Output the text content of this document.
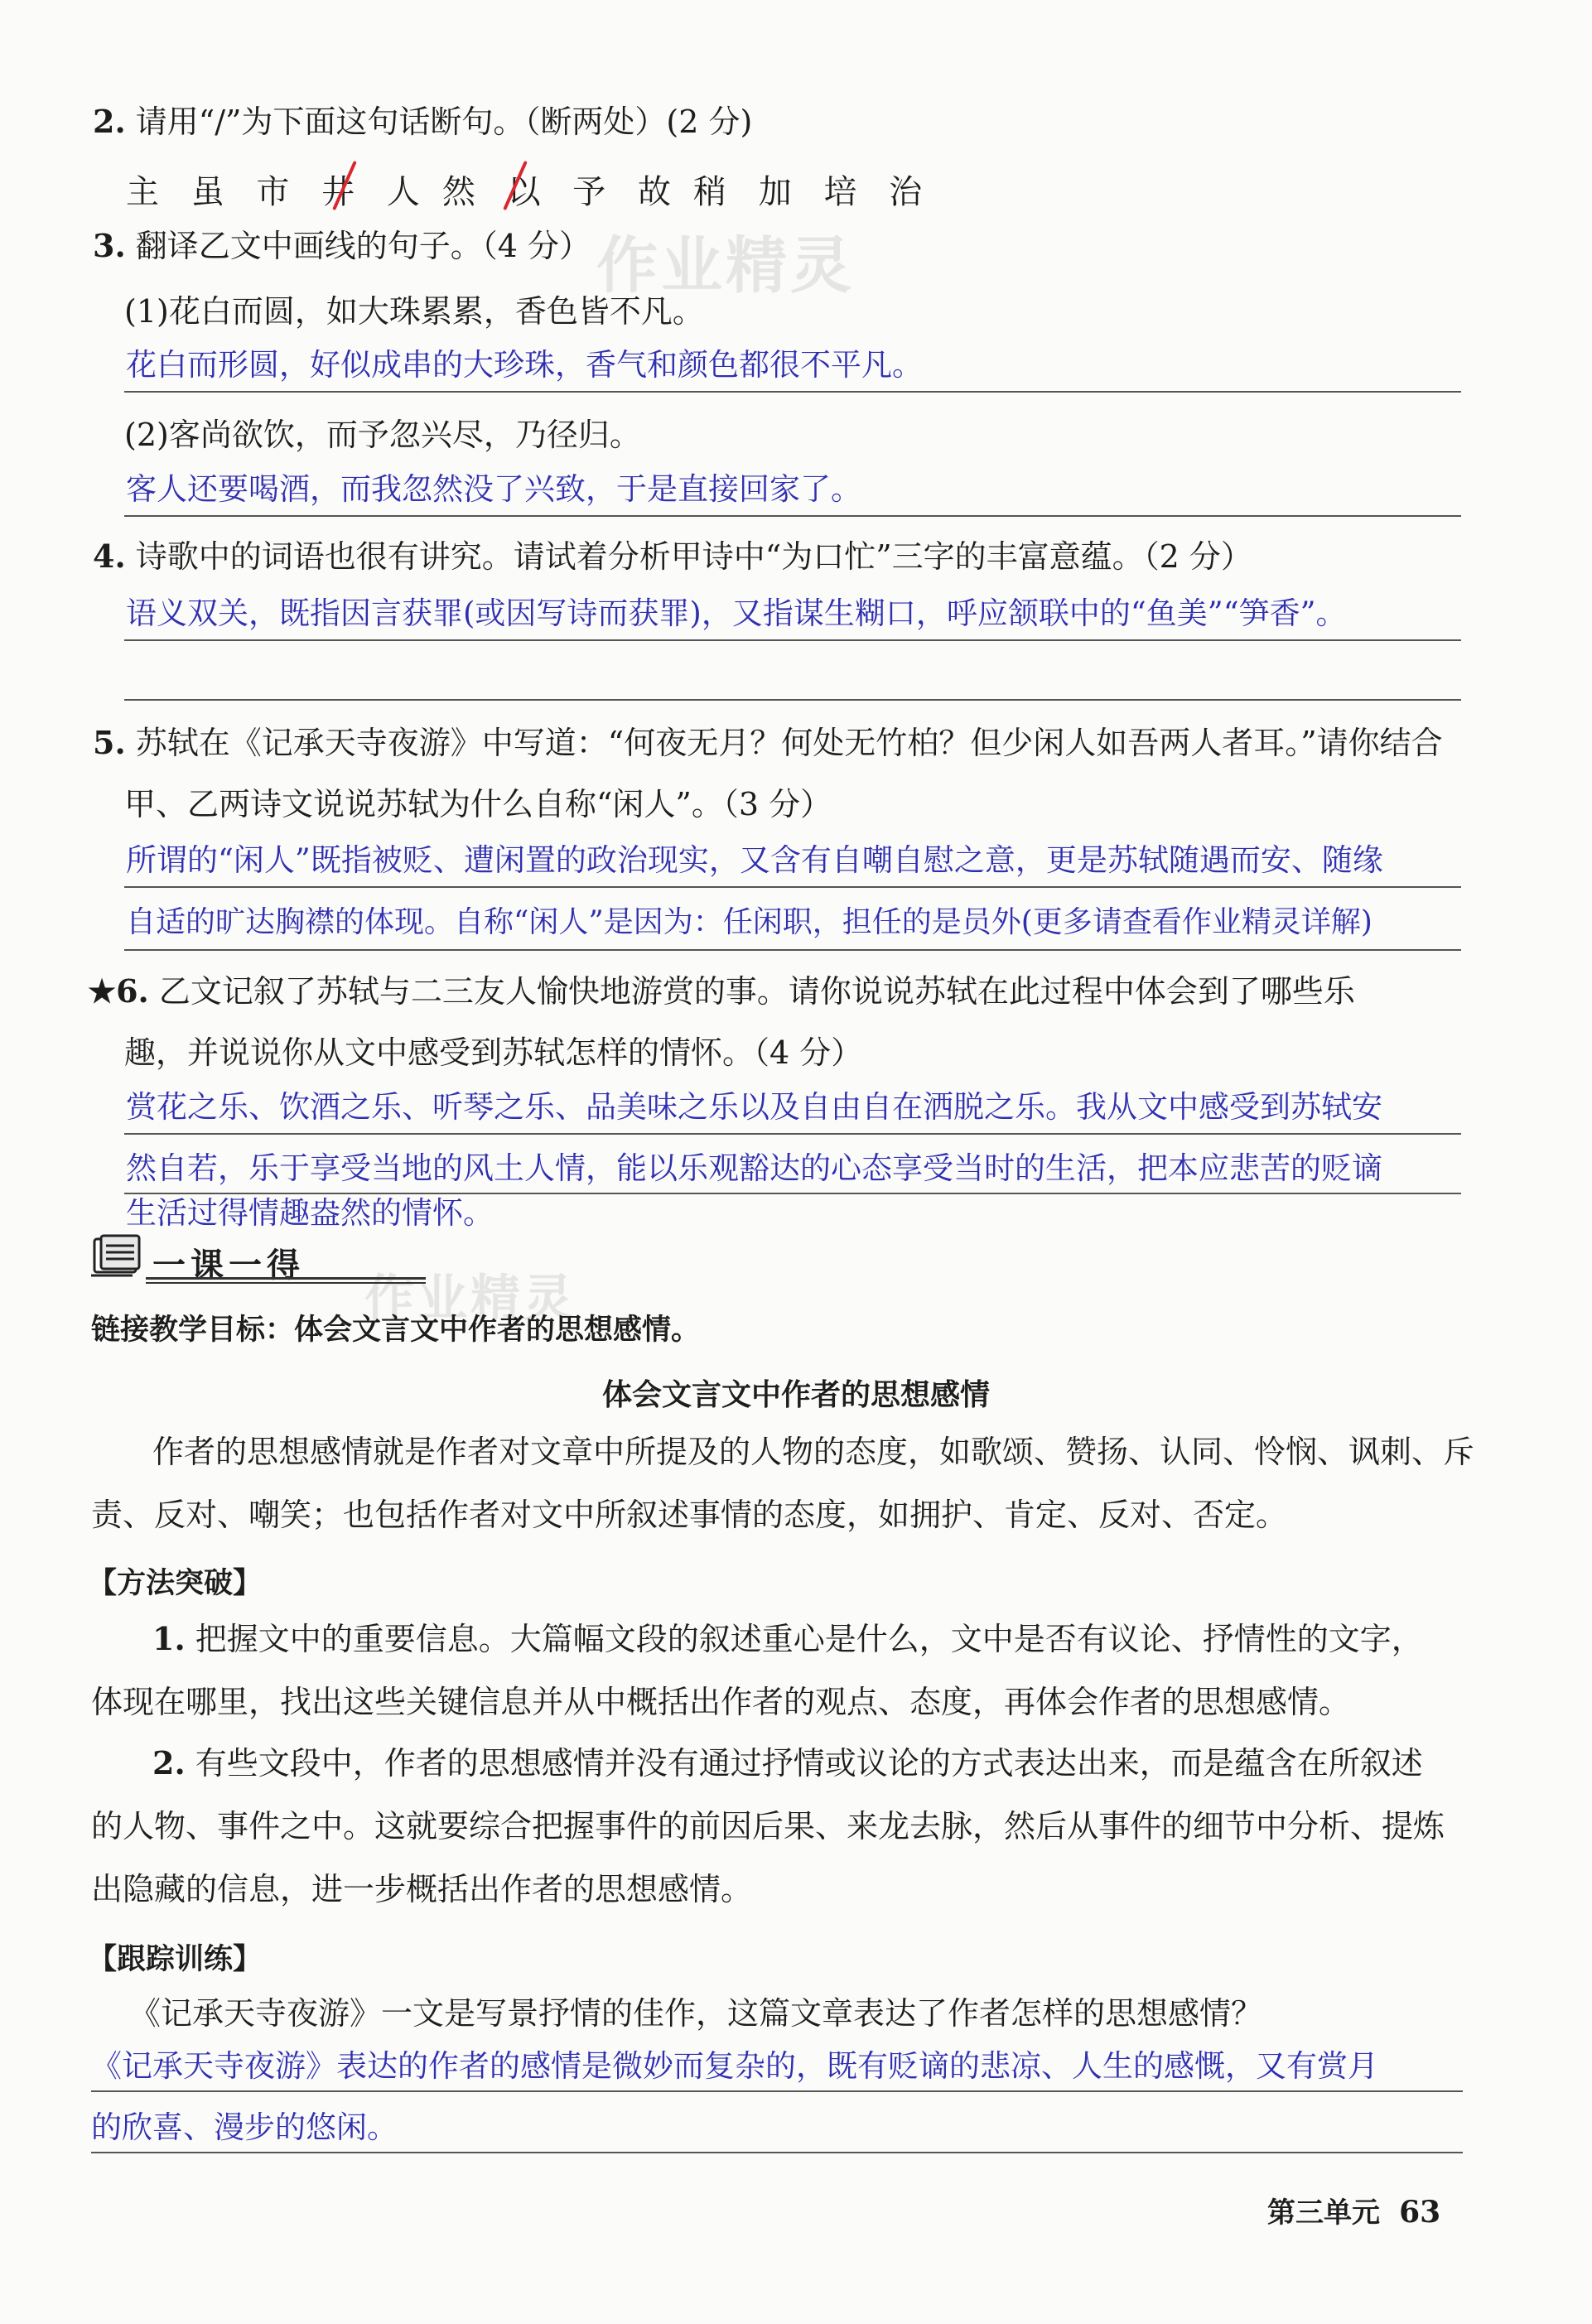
作业精灵
作业精灵
2. 请用“/”为下面这句话断句。（断两处）(2 分)
主 虽 市 井 人 然 以 予 故 稍 加 培 治
3. 翻译乙文中画线的句子。（4 分）
(1)花白而圆，如大珠累累，香色皆不凡。
花白而形圆，好似成串的大珍珠，香气和颜色都很不平凡。
(2)客尚欲饮，而予忽兴尽，乃径归。
客人还要喝酒，而我忽然没了兴致，于是直接回家了。
4. 诗歌中的词语也很有讲究。请试着分析甲诗中“为口忙”三字的丰富意蕴。（2 分）
语义双关，既指因言获罪(或因写诗而获罪)，又指谋生糊口，呼应颔联中的“鱼美”“笋香”。
5. 苏轼在《记承天寺夜游》中写道：“何夜无月？何处无竹柏？但少闲人如吾两人者耳。”请你结合
甲、乙两诗文说说苏轼为什么自称“闲人”。（3 分）
所谓的“闲人”既指被贬、遭闲置的政治现实，又含有自嘲自慰之意，更是苏轼随遇而安、随缘
自适的旷达胸襟的体现。自称“闲人”是因为：任闲职，担任的是员外(更多请查看作业精灵详解)
★6. 乙文记叙了苏轼与二三友人愉快地游赏的事。请你说说苏轼在此过程中体会到了哪些乐
趣，并说说你从文中感受到苏轼怎样的情怀。（4 分）
赏花之乐、饮酒之乐、听琴之乐、品美味之乐以及自由自在洒脱之乐。我从文中感受到苏轼安
然自若，乐于享受当地的风土人情，能以乐观豁达的心态享受当时的生活，把本应悲苦的贬谪
生活过得情趣盎然的情怀。
一课一得
链接教学目标：体会文言文中作者的思想感情。
体会文言文中作者的思想感情
作者的思想感情就是作者对文章中所提及的人物的态度，如歌颂、赞扬、认同、怜悯、讽刺、斥
责、反对、嘲笑；也包括作者对文中所叙述事情的态度，如拥护、肯定、反对、否定。
【方法突破】
1. 把握文中的重要信息。大篇幅文段的叙述重心是什么，文中是否有议论、抒情性的文字，
体现在哪里，找出这些关键信息并从中概括出作者的观点、态度，再体会作者的思想感情。
2. 有些文段中，作者的思想感情并没有通过抒情或议论的方式表达出来，而是蕴含在所叙述
的人物、事件之中。这就要综合把握事件的前因后果、来龙去脉，然后从事件的细节中分析、提炼
出隐藏的信息，进一步概括出作者的思想感情。
【跟踪训练】
《记承天寺夜游》一文是写景抒情的佳作，这篇文章表达了作者怎样的思想感情？
《记承天寺夜游》表达的作者的感情是微妙而复杂的，既有贬谪的悲凉、人生的感慨，又有赏月
的欣喜、漫步的悠闲。
第三单元 63
